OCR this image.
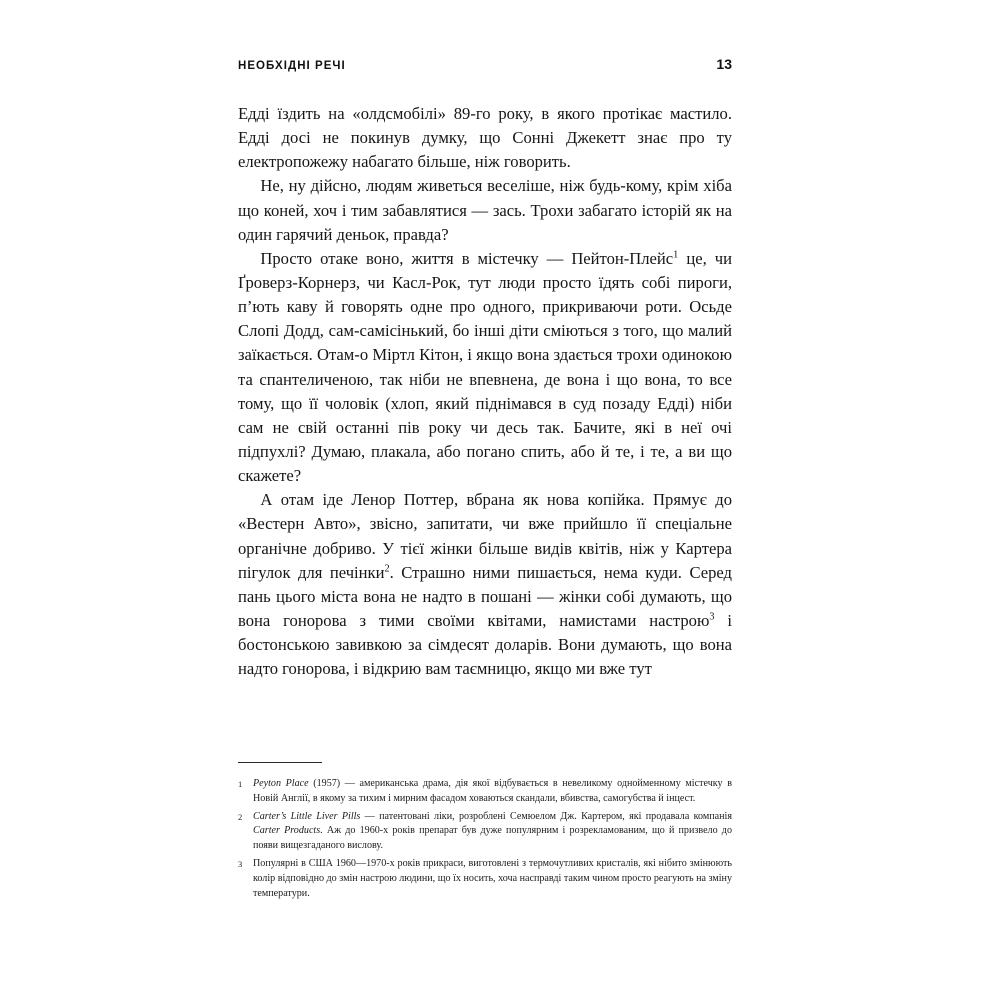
НЕОБХІДНІ РЕЧІ	13

Едді їздить на «олдсмобілі» 89-го року, в якого протікає мастило. Едді досі не покинув думку, що Сонні Джекетт знає про ту електропожежу набагато більше, ніж говорить.

Не, ну дійсно, людям живеться веселіше, ніж будь-кому, крім хіба що коней, хоч і тим забавлятися — зась. Трохи забагато історій як на один гарячий деньок, правда?

Просто отаке воно, життя в містечку — Пейтон-Плейс$^1$ це, чи Ґроверз-Корнерз, чи Касл-Рок, тут люди просто їдять собі пироги, п’ють каву й говорять одне про одного, прикриваючи роти. Осьде Слопі Додд, сам-самісінький, бо інші діти сміються з того, що малий заїкається. Отам-о Міртл Кітон, і якщо вона здається трохи одинокою та спантеличеною, так ніби не впевнена, де вона і що вона, то все тому, що її чоловік (хлоп, який піднімався в суд позаду Едді) ніби сам не свій останні пів року чи десь так. Бачите, які в неї очі підпухлі? Думаю, плакала, або погано спить, або й те, і те, а ви що скажете?

А отам іде Ленор Поттер, вбрана як нова копійка. Прямує до «Вестерн Авто», звісно, запитати, чи вже прийшло її спеціальне органічне добриво. У тієї жінки більше видів квітів, ніж у Картера пігулок для печінки$^2$. Страшно ними пишається, нема куди. Серед пань цього міста вона не надто в пошані — жінки собі думають, що вона гонорова з тими своїми квітами, намистами настрою$^3$ і бостонською завивкою за сімдесят доларів. Вони думають, що вона надто гонорова, і відкрию вам таємницю, якщо ми вже тут

1	Peyton Place (1957) — американська драма, дія якої відбувається в невеликому однойменному містечку в Новій Англії, в якому за тихим і мирним фасадом ховаються скандали, вбивства, самогубства й інцест.
2	Carter’s Little Liver Pills — патентовані ліки, розроблені Семюелом Дж. Картером, які продавала компанія Carter Products. Аж до 1960-х років препарат був дуже популярним і розрекламованим, що й призвело до появи вищезгаданого вислову.
3	Популярні в США 1960—1970-х років прикраси, виготовлені з термочутливих кристалів, які нібито змінюють колір відповідно до змін настрою людини, що їх носить, хоча насправді таким чином просто реагують на зміну температури.
